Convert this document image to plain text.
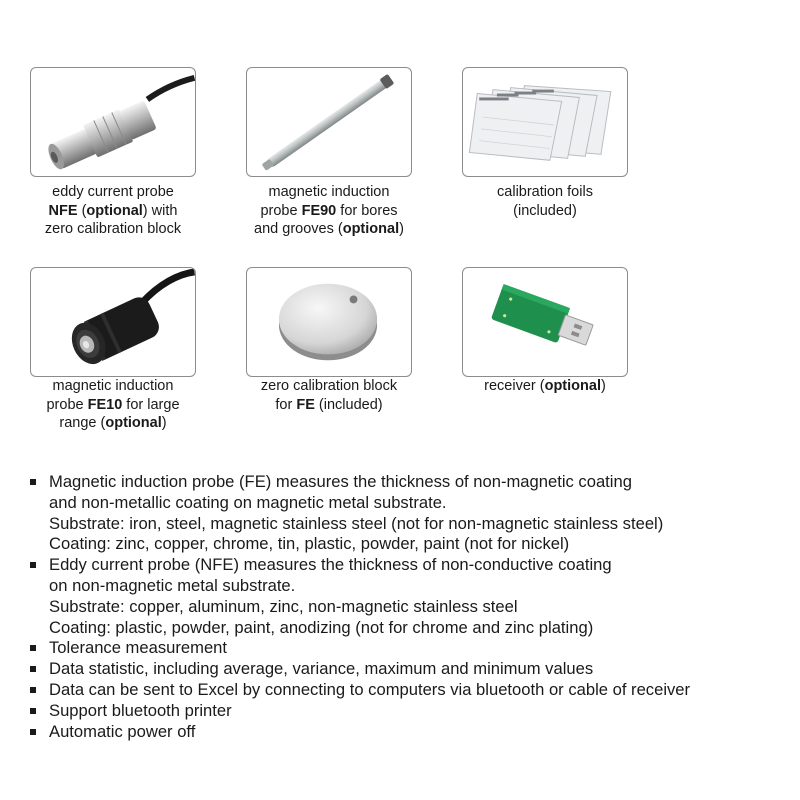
eddy current probe
NFE (optional) with
zero calibration block
magnetic induction
probe FE90 for bores
and grooves (optional)
calibration foils
(included)
magnetic induction
probe FE10 for large
range (optional)
zero calibration block
for FE (included)
receiver (optional)
Magnetic induction probe (FE) measures the thickness of non-magnetic coating
and non-metallic coating on magnetic metal substrate.
Substrate: iron, steel, magnetic stainless steel (not for non-magnetic stainless steel)
Coating: zinc, copper, chrome, tin, plastic, powder, paint (not for nickel)
Eddy current probe (NFE) measures the thickness of non-conductive coating
on non-magnetic metal substrate.
Substrate: copper, aluminum, zinc, non-magnetic stainless steel
Coating: plastic, powder, paint, anodizing (not for chrome and zinc plating)
Tolerance measurement
Data statistic, including average, variance, maximum and minimum values
Data can be sent to Excel by connecting to computers via bluetooth or cable of receiver
Support bluetooth printer
Automatic power off
